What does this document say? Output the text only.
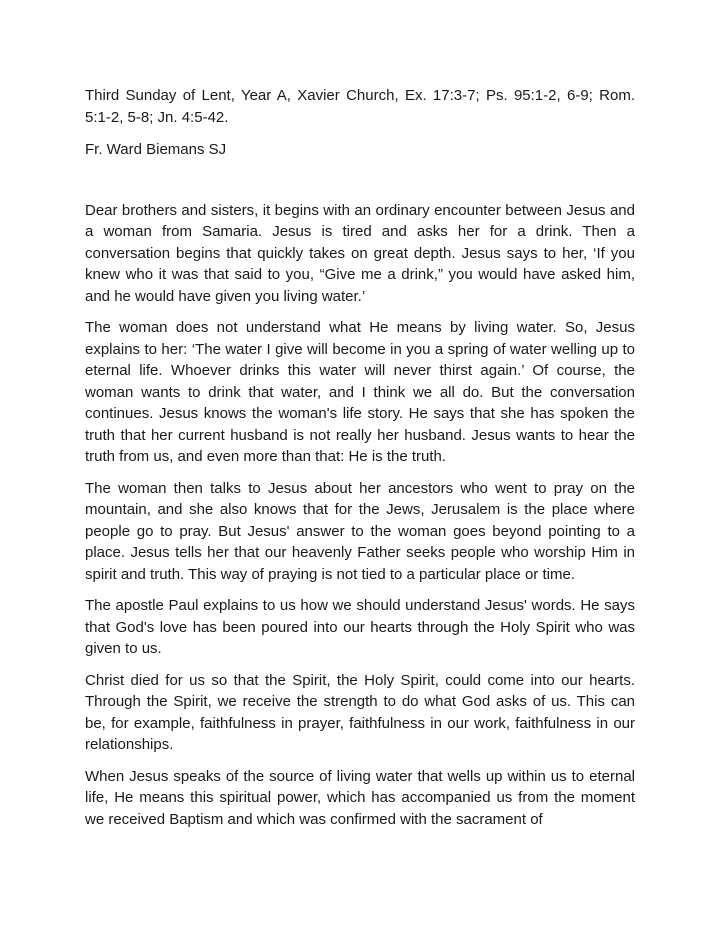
Third Sunday of Lent, Year A, Xavier Church, Ex. 17:3-7; Ps. 95:1-2, 6-9; Rom. 5:1-2, 5-8; Jn. 4:5-42.

Fr. Ward Biemans SJ

Dear brothers and sisters, it begins with an ordinary encounter between Jesus and a woman from Samaria. Jesus is tired and asks her for a drink. Then a conversation begins that quickly takes on great depth. Jesus says to her, ‘If you knew who it was that said to you, “Give me a drink,” you would have asked him, and he would have given you living water.’

The woman does not understand what He means by living water. So, Jesus explains to her: ‘The water I give will become in you a spring of water welling up to eternal life. Whoever drinks this water will never thirst again.’ Of course, the woman wants to drink that water, and I think we all do. But the conversation continues. Jesus knows the woman's life story. He says that she has spoken the truth that her current husband is not really her husband. Jesus wants to hear the truth from us, and even more than that: He is the truth.

The woman then talks to Jesus about her ancestors who went to pray on the mountain, and she also knows that for the Jews, Jerusalem is the place where people go to pray. But Jesus' answer to the woman goes beyond pointing to a place. Jesus tells her that our heavenly Father seeks people who worship Him in spirit and truth. This way of praying is not tied to a particular place or time.

The apostle Paul explains to us how we should understand Jesus' words. He says that God's love has been poured into our hearts through the Holy Spirit who was given to us.

Christ died for us so that the Spirit, the Holy Spirit, could come into our hearts. Through the Spirit, we receive the strength to do what God asks of us. This can be, for example, faithfulness in prayer, faithfulness in our work, faithfulness in our relationships.

When Jesus speaks of the source of living water that wells up within us to eternal life, He means this spiritual power, which has accompanied us from the moment we received Baptism and which was confirmed with the sacrament of
